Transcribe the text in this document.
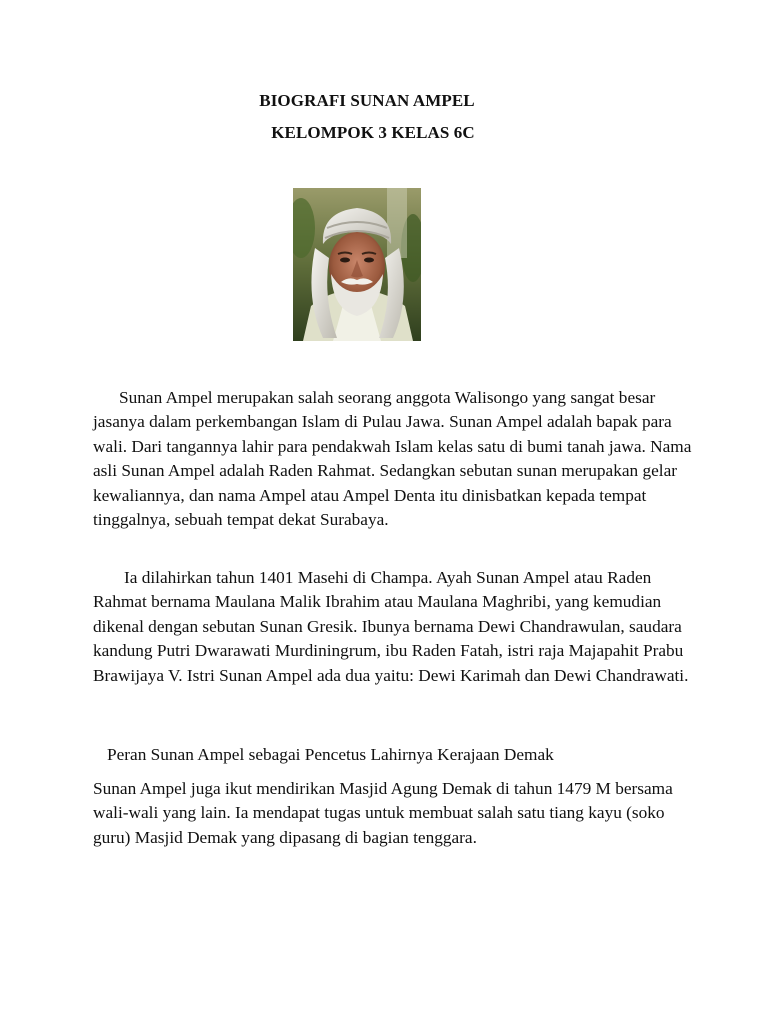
BIOGRAFI SUNAN AMPEL
KELOMPOK 3 KELAS 6C

Sunan Ampel merupakan salah seorang anggota Walisongo yang sangat besar jasanya dalam perkembangan Islam di Pulau Jawa. Sunan Ampel adalah bapak para wali. Dari tangannya lahir para pendakwah Islam kelas satu di bumi tanah jawa. Nama asli Sunan Ampel adalah Raden Rahmat. Sedangkan sebutan sunan merupakan gelar kewaliannya, dan nama Ampel atau Ampel Denta itu dinisbatkan kepada tempat tinggalnya, sebuah tempat dekat Surabaya.

Ia dilahirkan tahun 1401 Masehi di Champa. Ayah Sunan Ampel atau Raden Rahmat bernama Maulana Malik Ibrahim atau Maulana Maghribi, yang kemudian dikenal dengan sebutan Sunan Gresik. Ibunya bernama Dewi Chandrawulan, saudara kandung Putri Dwarawati Murdiningrum, ibu Raden Fatah, istri raja Majapahit Prabu Brawijaya V. Istri Sunan Ampel ada dua yaitu: Dewi Karimah dan Dewi Chandrawati.

Peran Sunan Ampel sebagai Pencetus Lahirnya Kerajaan Demak

Sunan Ampel juga ikut mendirikan Masjid Agung Demak di tahun 1479 M bersama wali-wali yang lain. Ia mendapat tugas untuk membuat salah satu tiang kayu (soko guru) Masjid Demak yang dipasang di bagian tenggara.
